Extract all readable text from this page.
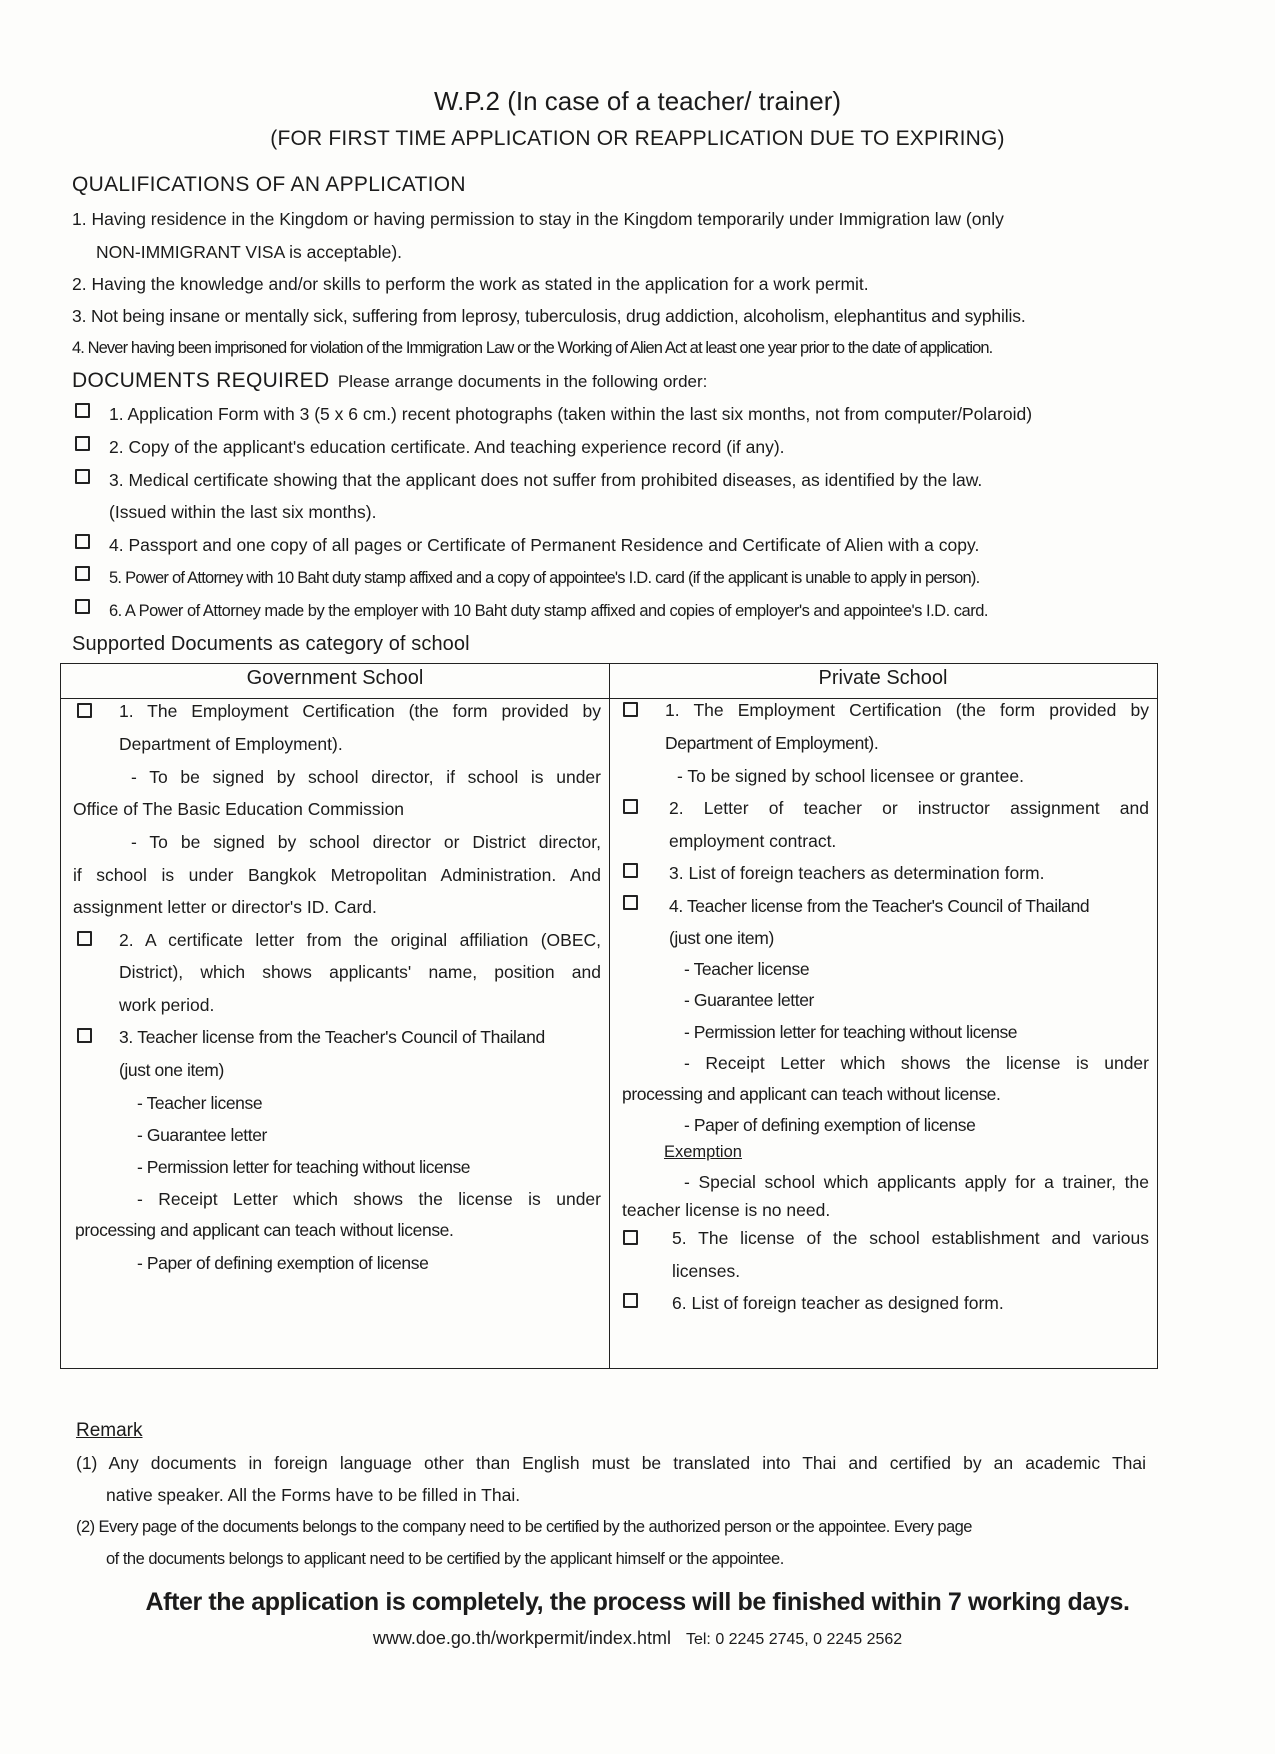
W.P.2 (In case of a teacher/ trainer)
(FOR FIRST TIME APPLICATION OR REAPPLICATION DUE TO EXPIRING)
QUALIFICATIONS OF AN APPLICATION
1. Having residence in the Kingdom or having permission to stay in the Kingdom temporarily under Immigration law (only
NON-IMMIGRANT VISA is acceptable).
2. Having the knowledge and/or skills to perform the work as stated in the application for a work permit.
3. Not being insane or mentally sick, suffering from leprosy, tuberculosis, drug addiction, alcoholism, elephantitus and syphilis.
4. Never having been imprisoned for violation of the Immigration Law or the Working of Alien Act at least one year prior to the date of application.
DOCUMENTS REQUIRED Please arrange documents in the following order:
1. Application Form with 3 (5 x 6 cm.) recent photographs (taken within the last six months, not from computer/Polaroid)
2. Copy of the applicant's education certificate. And teaching experience record (if any).
3. Medical certificate showing that the applicant does not suffer from prohibited diseases, as identified by the law.
(Issued within the last six months).
4. Passport and one copy of all pages or Certificate of Permanent Residence and Certificate of Alien with a copy.
5. Power of Attorney with 10 Baht duty stamp affixed and a copy of appointee's I.D. card (if the applicant is unable to apply in person).
6. A Power of Attorney made by the employer with 10 Baht duty stamp affixed and copies of employer's and appointee's I.D. card.
Supported Documents as category of school
Government School	Private School
1. The Employment Certification (the form provided by
Department of Employment).
- To be signed by school director, if school is under
Office of The Basic Education Commission
- To be signed by school director or District director,
if school is under Bangkok Metropolitan Administration. And
assignment letter or director's ID. Card.
2. A certificate letter from the original affiliation (OBEC,
District), which shows applicants' name, position and
work period.
3. Teacher license from the Teacher's Council of Thailand
(just one item)
- Teacher license
- Guarantee letter
- Permission letter for teaching without license
- Receipt Letter which shows the license is under
processing and applicant can teach without license.
- Paper of defining exemption of license
1. The Employment Certification (the form provided by
Department of Employment).
- To be signed by school licensee or grantee.
2. Letter of teacher or instructor assignment and
employment contract.
3. List of foreign teachers as determination form.
4. Teacher license from the Teacher's Council of Thailand
(just one item)
- Teacher license
- Guarantee letter
- Permission letter for teaching without license
- Receipt Letter which shows the license is under
processing and applicant can teach without license.
- Paper of defining exemption of license
Exemption
- Special school which applicants apply for a trainer, the
teacher license is no need.
5. The license of the school establishment and various
licenses.
6. List of foreign teacher as designed form.
Remark
(1) Any documents in foreign language other than English must be translated into Thai and certified by an academic Thai
native speaker. All the Forms have to be filled in Thai.
(2) Every page of the documents belongs to the company need to be certified by the authorized person or the appointee. Every page
of the documents belongs to applicant need to be certified by the applicant himself or the appointee.
After the application is completely, the process will be finished within 7 working days.
www.doe.go.th/workpermit/index.html Tel: 0 2245 2745, 0 2245 2562
